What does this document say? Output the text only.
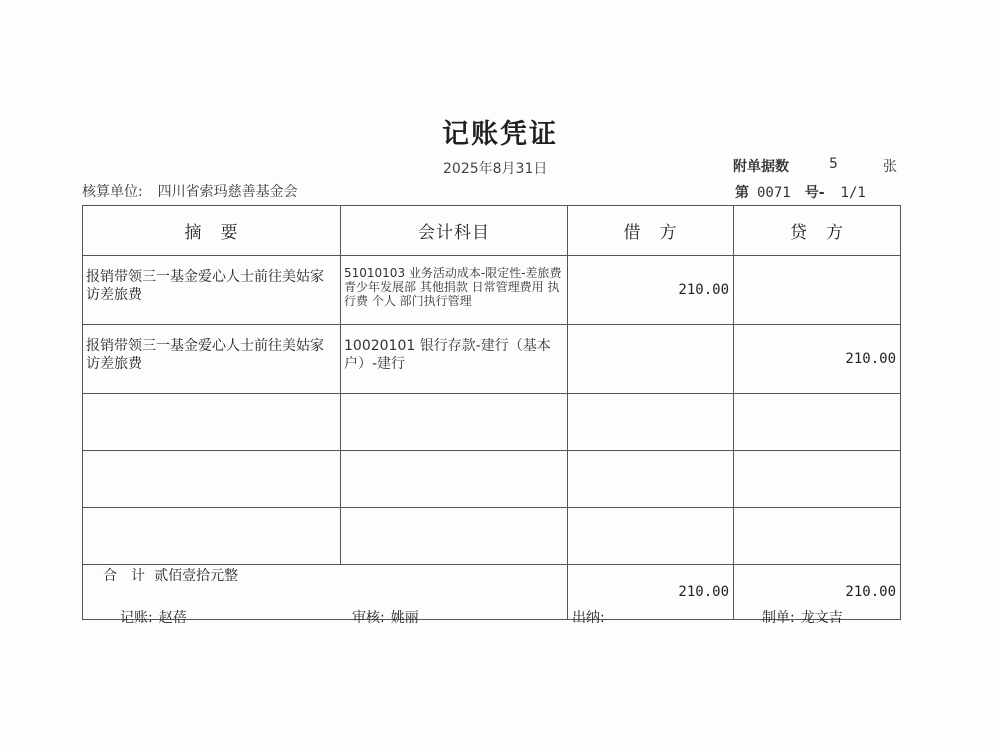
记账凭证
2025年8月31日	附单据数	5	张
核算单位: 四川省索玛慈善基金会	第 0071 号- 1/1
摘　要	会计科目	借　方	贷　方
报销带领三一基金爱心人士前往美姑家访差旅费	51010103 业务活动成本-限定性-差旅费 青少年发展部 其他捐款 日常管理费用 执行费 个人 部门执行管理	210.00	
报销带领三一基金爱心人士前往美姑家访差旅费	10020101 银行存款-建行（基本户）-建行		210.00

合　计 贰佰壹拾元整		210.00	210.00
记账: 赵蓓	审核: 姚丽	出纳:	制单: 龙文吉
